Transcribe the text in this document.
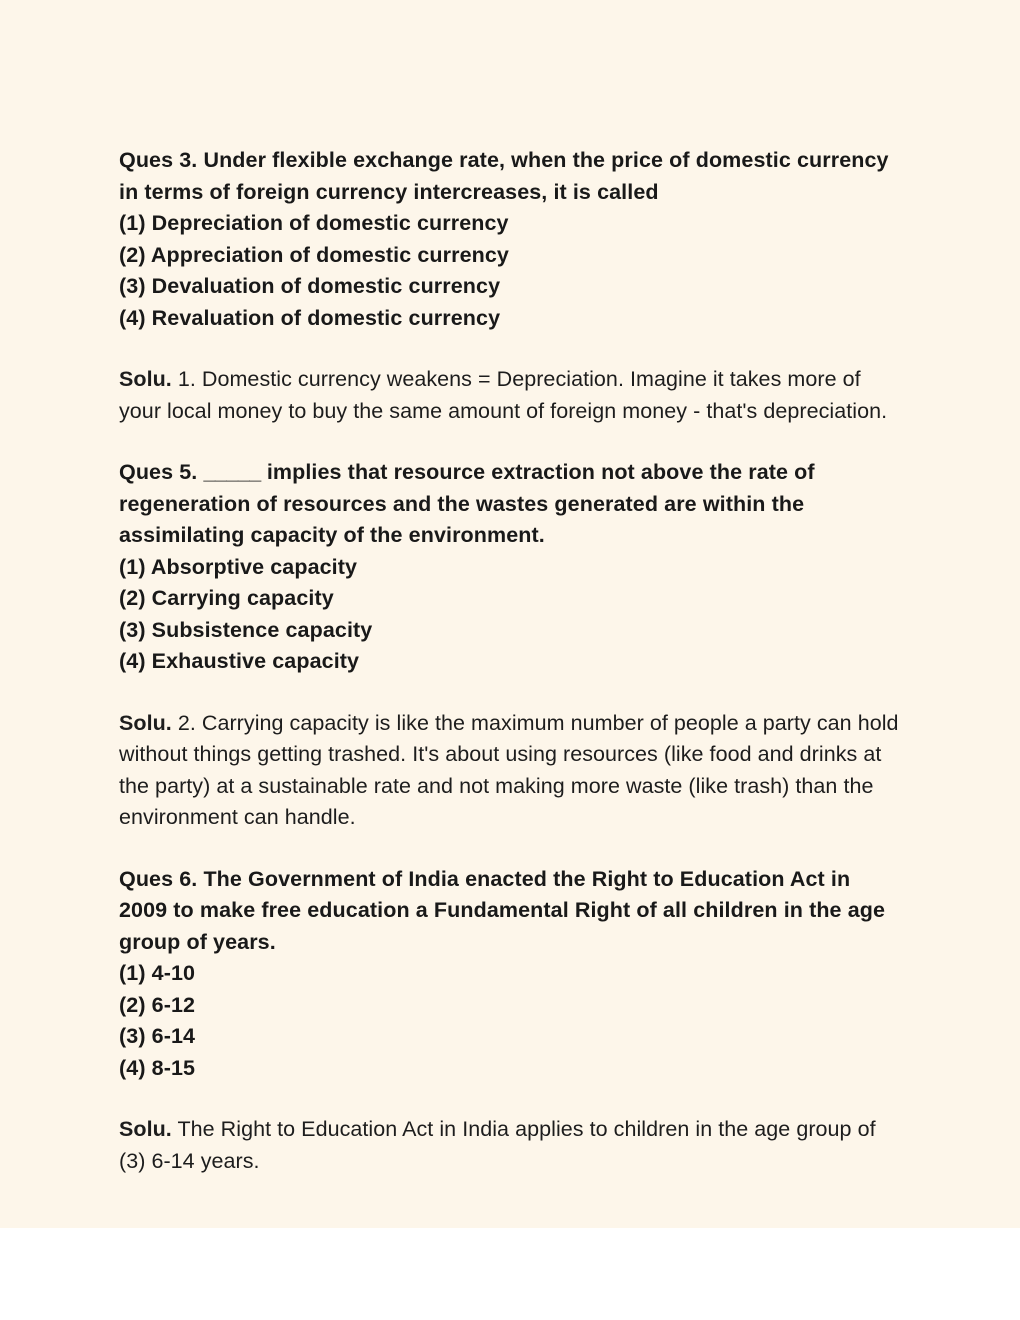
Ques 3. Under flexible exchange rate, when the price of domestic currency in terms of foreign currency intercreases, it is called

(1) Depreciation of domestic currency
(2) Appreciation of domestic currency
(3) Devaluation of domestic currency
(4) Revaluation of domestic currency

Solu. 1. Domestic currency weakens = Depreciation. Imagine it takes more of your local money to buy the same amount of foreign money - that's depreciation.

Ques 5. _____ implies that resource extraction not above the rate of regeneration of resources and the wastes generated are within the assimilating capacity of the environment.

(1) Absorptive capacity
(2) Carrying capacity
(3) Subsistence capacity
(4) Exhaustive capacity

Solu. 2. Carrying capacity is like the maximum number of people a party can hold without things getting trashed. It's about using resources (like food and drinks at the party) at a sustainable rate and not making more waste (like trash) than the environment can handle.

Ques 6. The Government of India enacted the Right to Education Act in 2009 to make free education a Fundamental Right of all children in the age group of years.

(1) 4-10
(2) 6-12
(3) 6-14
(4) 8-15

Solu. The Right to Education Act in India applies to children in the age group of (3) 6-14 years.
